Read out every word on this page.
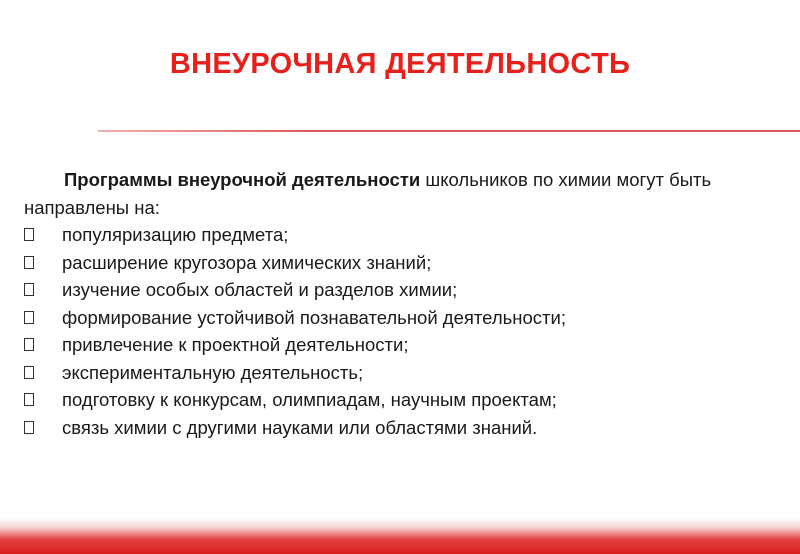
ВНЕУРОЧНАЯ ДЕЯТЕЛЬНОСТЬ

Программы внеурочной деятельности школьников по химии могут быть направлены на:

популяризацию предмета;
расширение кругозора химических знаний;
изучение особых областей и разделов химии;
формирование устойчивой познавательной деятельности;
привлечение к проектной деятельности;
экспериментальную деятельность;
подготовку к конкурсам, олимпиадам, научным проектам;
связь химии с другими науками или областями знаний.
